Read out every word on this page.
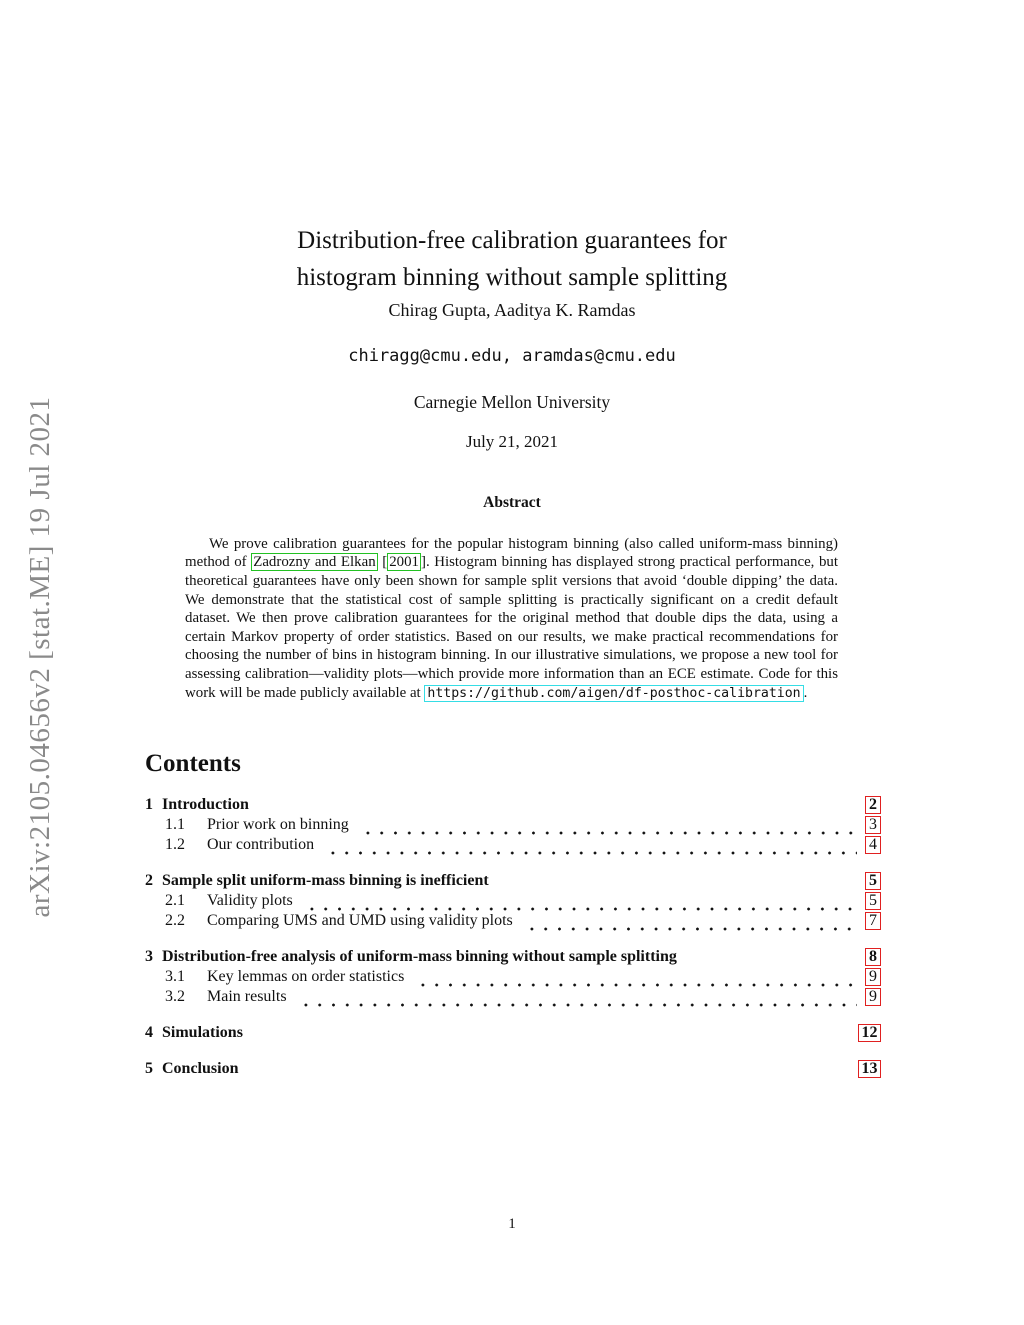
arXiv:2105.04656v2 [stat.ME] 19 Jul 2021
Distribution-free calibration guarantees for
histogram binning without sample splitting
Chirag Gupta, Aaditya K. Ramdas
chiragg@cmu.edu, aramdas@cmu.edu
Carnegie Mellon University
July 21, 2021
Abstract

We prove calibration guarantees for the popular histogram binning (also called uniform-mass binning) method of Zadrozny and Elkan [ 2001 ]. Histogram binning has displayed strong practical performance, but theoretical guarantees have only been shown for sample split versions that avoid ‘double dipping’ the data. We demonstrate that the statistical cost of sample splitting is practically significant on a credit default dataset. We then prove calibration guarantees for the original method that double dips the data, using a certain Markov property of order statistics. Based on our results, we make practical recommendations for choosing the number of bins in histogram binning. In our illustrative simulations, we propose a new tool for assessing calibration—validity plots—which provide more information than an ECE estimate. Code for this work will be made publicly available at https://github.com/aigen/df-posthoc-calibration .

Contents
1 Introduction	2
1.1	Prior work on binning	3
1.2	Our contribution	4
2 Sample split uniform-mass binning is inefficient	5
2.1	Validity plots	5
2.2	Comparing UMS and UMD using validity plots	7
3 Distribution-free analysis of uniform-mass binning without sample splitting	8
3.1	Key lemmas on order statistics	9
3.2	Main results	9
4 Simulations	12
5 Conclusion	13
1
